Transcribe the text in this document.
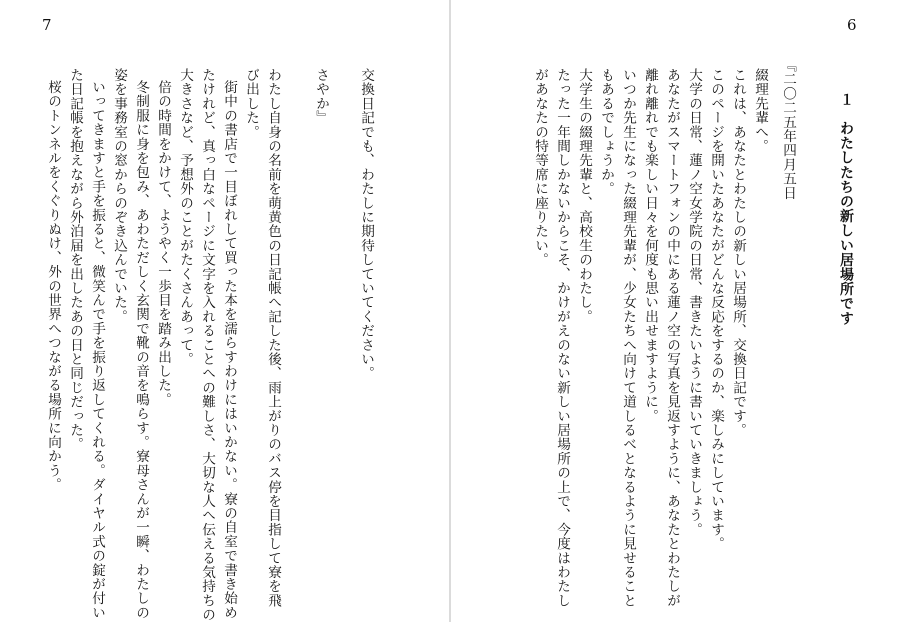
7
交換日記でも、わたしに期待していてください。
さやか』
わたし自身の名前を萌黄色の日記帳へ記した後、雨上がりのバス停を目指して寮を飛
び出した。
街中の書店で一目ぼれして買った本を濡らすわけにはいかない。寮の自室で書き始め
たけれど、真っ白なページに文字を入れることへの難しさ、大切な人へ伝える気持ちの
大きさなど、予想外のことがたくさんあって。
倍の時間をかけて、ようやく一歩目を踏み出した。
冬制服に身を包み、あわただしく玄関で靴の音を鳴らす。寮母さんが一瞬、わたしの
姿を事務室の窓からのぞき込んでいた。
いってきますと手を振ると、微笑んで手を振り返してくれる。ダイヤル式の錠が付い
た日記帳を抱えながら外泊届を出したあの日と同じだった。
桜のトンネルをくぐりぬけ、外の世界へつながる場所に向かう。
6
１　わたしたちの新しい居場所です
『二〇二五年四月五日
綴理先輩へ。
これは、あなたとわたしの新しい居場所、交換日記です。
このページを開いたあなたがどんな反応をするのか、楽しみにしています。
大学の日常、蓮ノ空女学院の日常、書きたいように書いていきましょう。
あなたがスマートフォンの中にある蓮ノ空の写真を見返すように、あなたとわたしが
離れ離れでも楽しい日々を何度も思い出せますように。
いつか先生になった綴理先輩が、少女たちへ向けて道しるべとなるように見せること
もあるでしょうか。
大学生の綴理先輩と、高校生のわたし。
たった一年間しかないからこそ、かけがえのない新しい居場所の上で、今度はわたし
があなたの特等席に座りたい。
